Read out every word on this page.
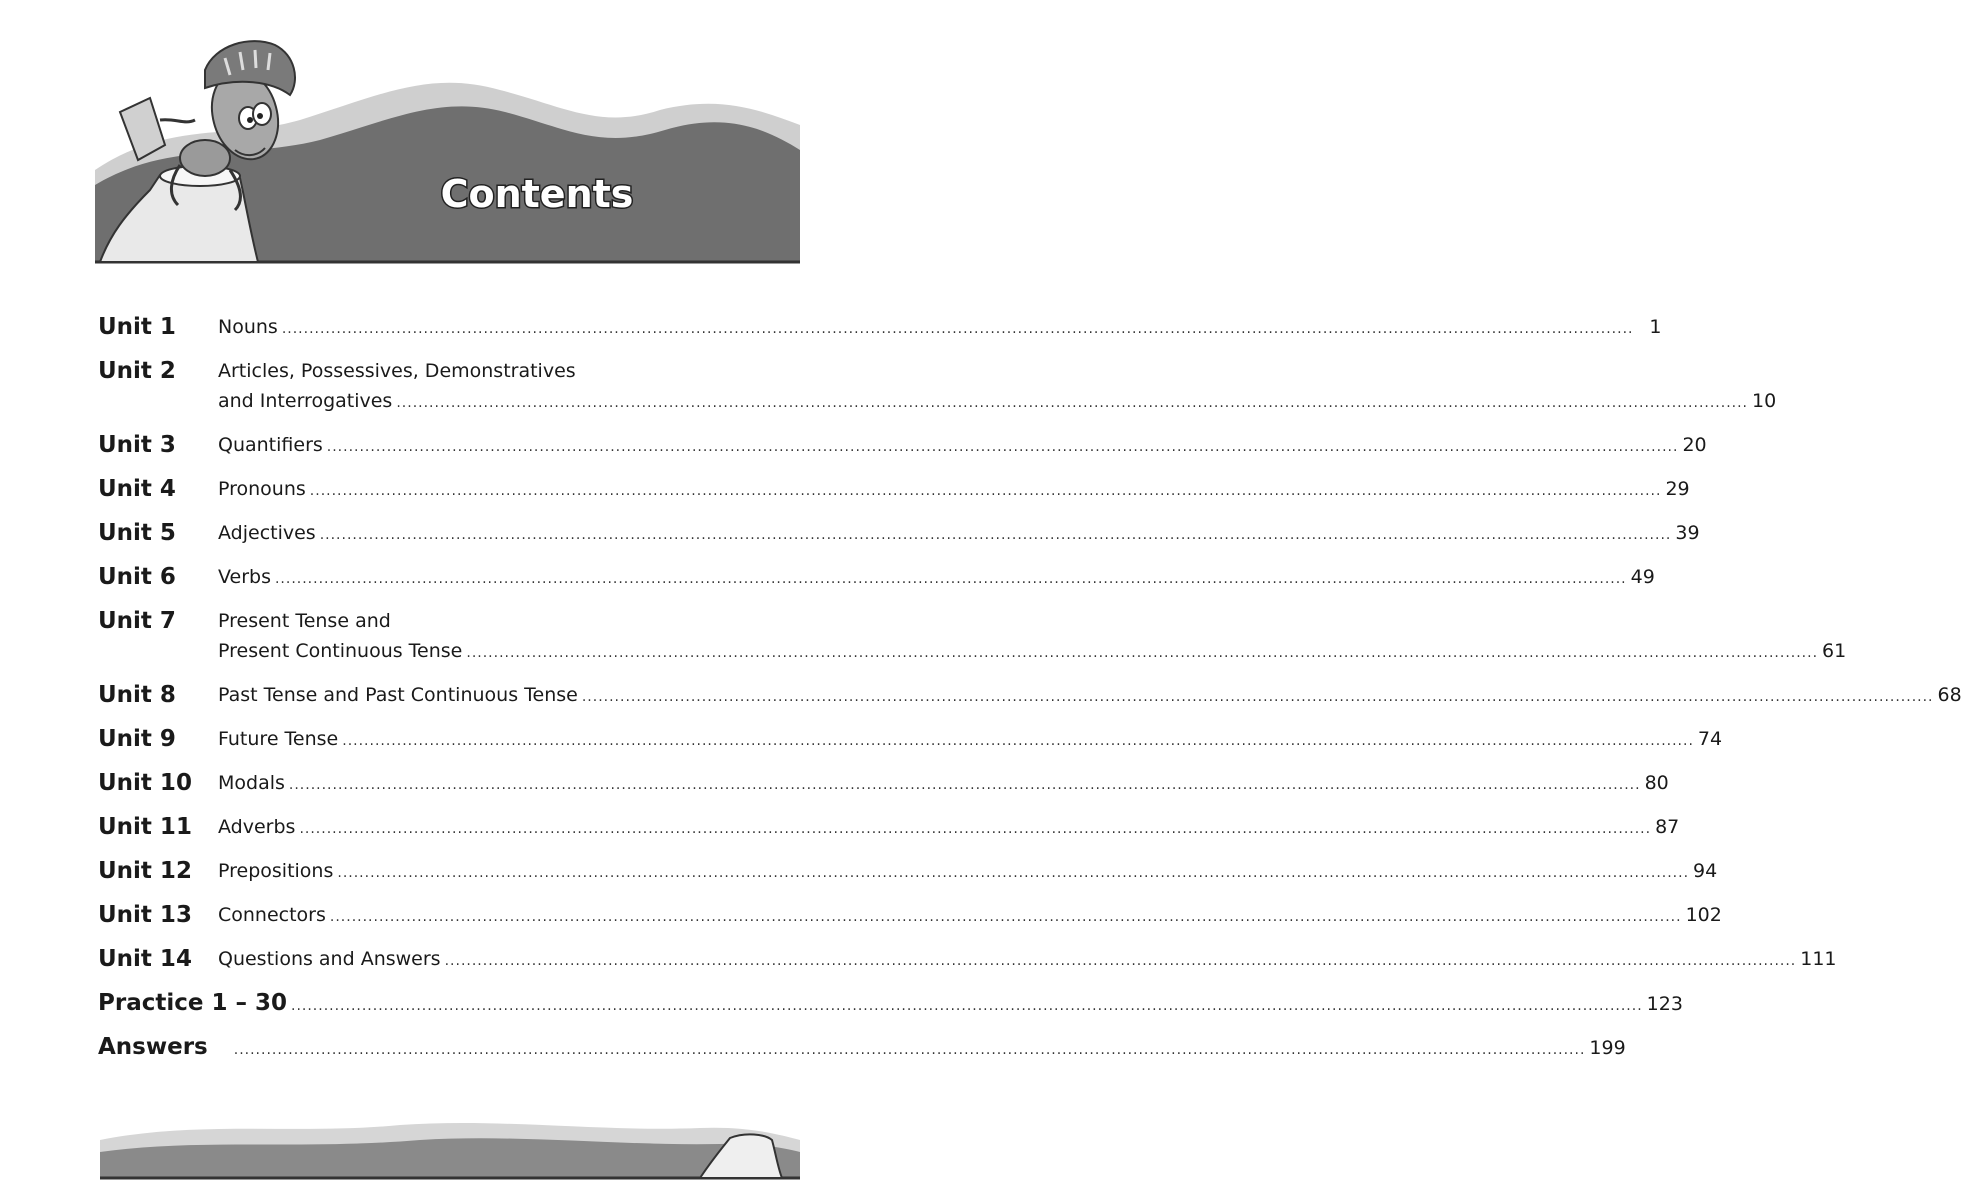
Contents
Unit 1	Nouns .....	1
Unit 2	Articles, Possessives, Demonstratives
and Interrogatives .....	10
Unit 3	Quantifiers .....	20
Unit 4	Pronouns .....	29
Unit 5	Adjectives .....	39
Unit 6	Verbs .....	49
Unit 7	Present Tense and
Present Continuous Tense .....	61
Unit 8	Past Tense and Past Continuous Tense .....	68
Unit 9	Future Tense .....	74
Unit 10	Modals .....	80
Unit 11	Adverbs .....	87
Unit 12	Prepositions .....	94
Unit 13	Connectors .....	102
Unit 14	Questions and Answers .....	111
Practice 1 – 30 .....	123
Answers .....	199
